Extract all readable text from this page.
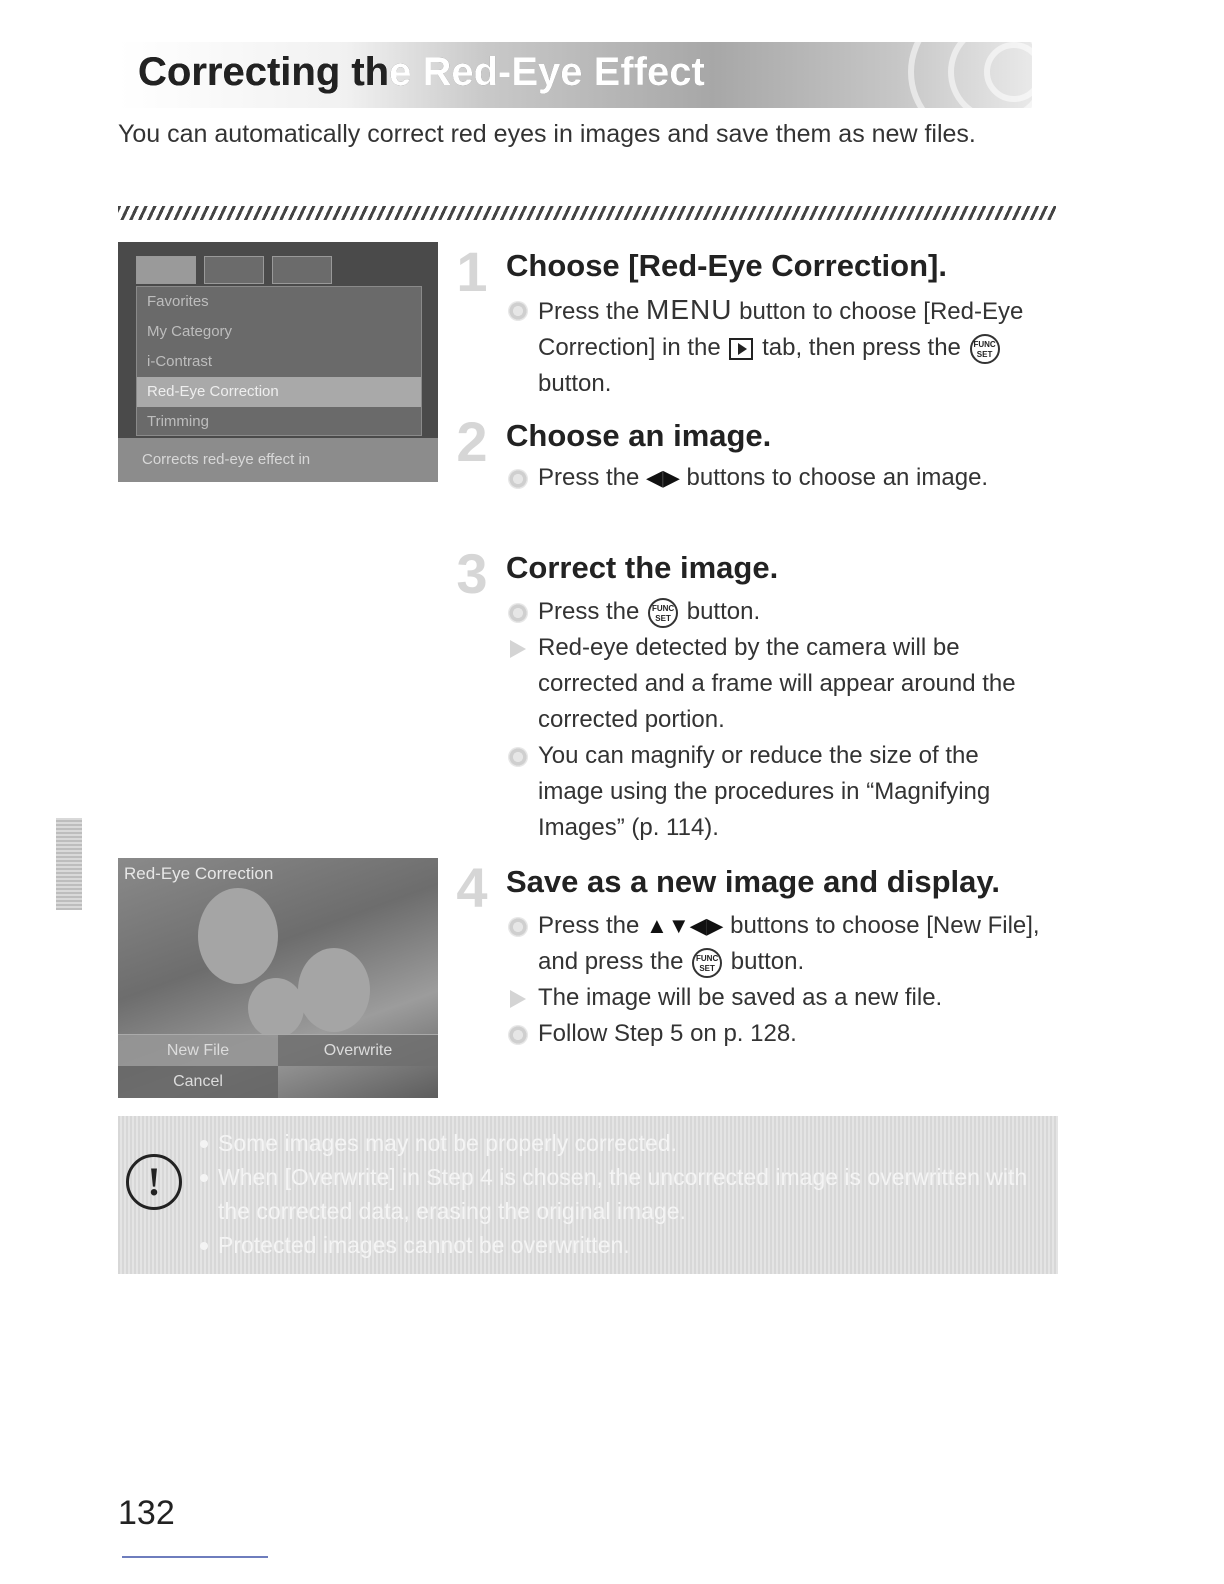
Correcting the Red-Eye Effect

You can automatically correct red eyes in images and save them as new files.

Favorites
My Category
i-Contrast
Red-Eye Correction
Trimming
Corrects red-eye effect in
Red-Eye Correction
New File	Overwrite
Cancel
1 Choose [Red-Eye Correction].
Press the MENU button to choose [Red-Eye Correction] in the  tab, then press the FUNC SET button.
2 Choose an image.
Press the ◀▶ buttons to choose an image.
3 Correct the image.
Press the FUNC SET button.
Red-eye detected by the camera will be corrected and a frame will appear around the corrected portion.
You can magnify or reduce the size of the image using the procedures in “Magnifying Images” (p. 114).
4 Save as a new image and display.
Press the ▲▼◀▶ buttons to choose [New File], and press the FUNC SET button.
The image will be saved as a new file.
Follow Step 5 on p. 128.
!
Some images may not be properly corrected.
When [Overwrite] in Step 4 is chosen, the uncorrected image is overwritten with the corrected data, erasing the original image.
Protected images cannot be overwritten.
132
